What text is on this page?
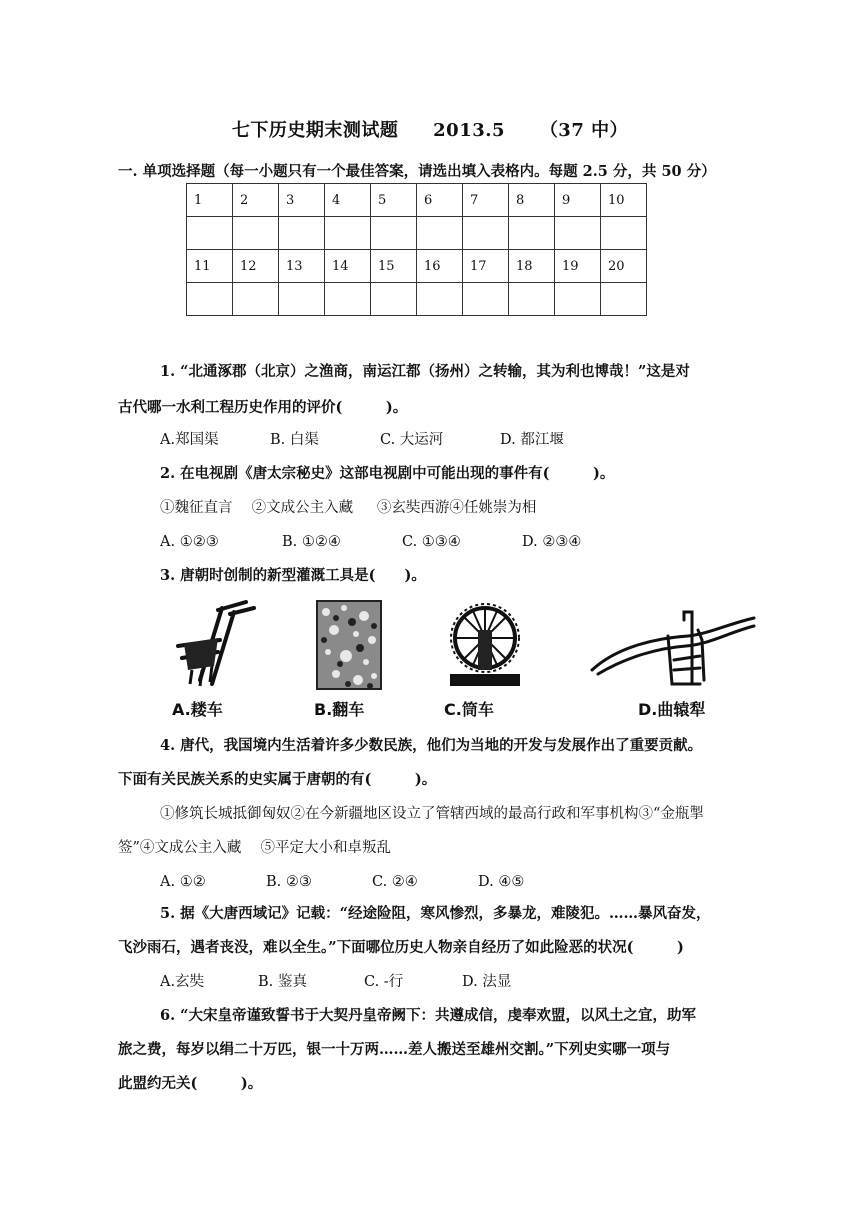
七下历史期末测试题 2013.5 （37 中）
一. 单项选择题（每一小题只有一个最佳答案，请选出填入表格内。每题 2.5 分，共 50 分）
1	2	3	4	5	6	7	8	9	10

11	12	13	14	15	16	17	18	19	20

1. “北通涿郡（北京）之渔商，南运江都（扬州）之转输，其为利也博哉！”这是对
古代哪一水利工程历史作用的评价(　　　)。
A.郑国渠	B. 白渠	C. 大运河	D. 都江堰
2. 在电视剧《唐太宗秘史》这部电视剧中可能出现的事件有(　　　)。
①魏征直言　 ②文成公主入藏 　 ③玄奘西游④任姚崇为相
A. ①②③	B. ①②④	C. ①③④	D. ②③④
3. 唐朝时创制的新型灌溉工具是(　　)。
A.耧车	B.翻车	C.筒车	D.曲辕犁
4. 唐代，我国境内生活着许多少数民族，他们为当地的开发与发展作出了重要贡献。
下面有关民族关系的史实属于唐朝的有(　　　)。
①修筑长城抵御匈奴②在今新疆地区设立了管辖西域的最高行政和军事机构③“金瓶掣
签”④文成公主入藏 　⑤平定大小和卓叛乱
A. ①②	B. ②③	C. ②④	D. ④⑤
5. 据《大唐西域记》记载：“经途险阻，寒风惨烈，多暴龙，难陵犯。……暴风奋发，
飞沙雨石，遇者丧没，难以全生。”下面哪位历史人物亲自经历了如此险恶的状况(　　　)
A.玄奘	B. 鉴真	C. -行	D. 法显
6. “大宋皇帝谨致誓书于大契丹皇帝阙下：共遵成信，虔奉欢盟，以风土之宜，助军
旅之费，每岁以绢二十万匹，银一十万两……差人搬送至雄州交割。”下列史实哪一项与
此盟约无关(　　　)。
